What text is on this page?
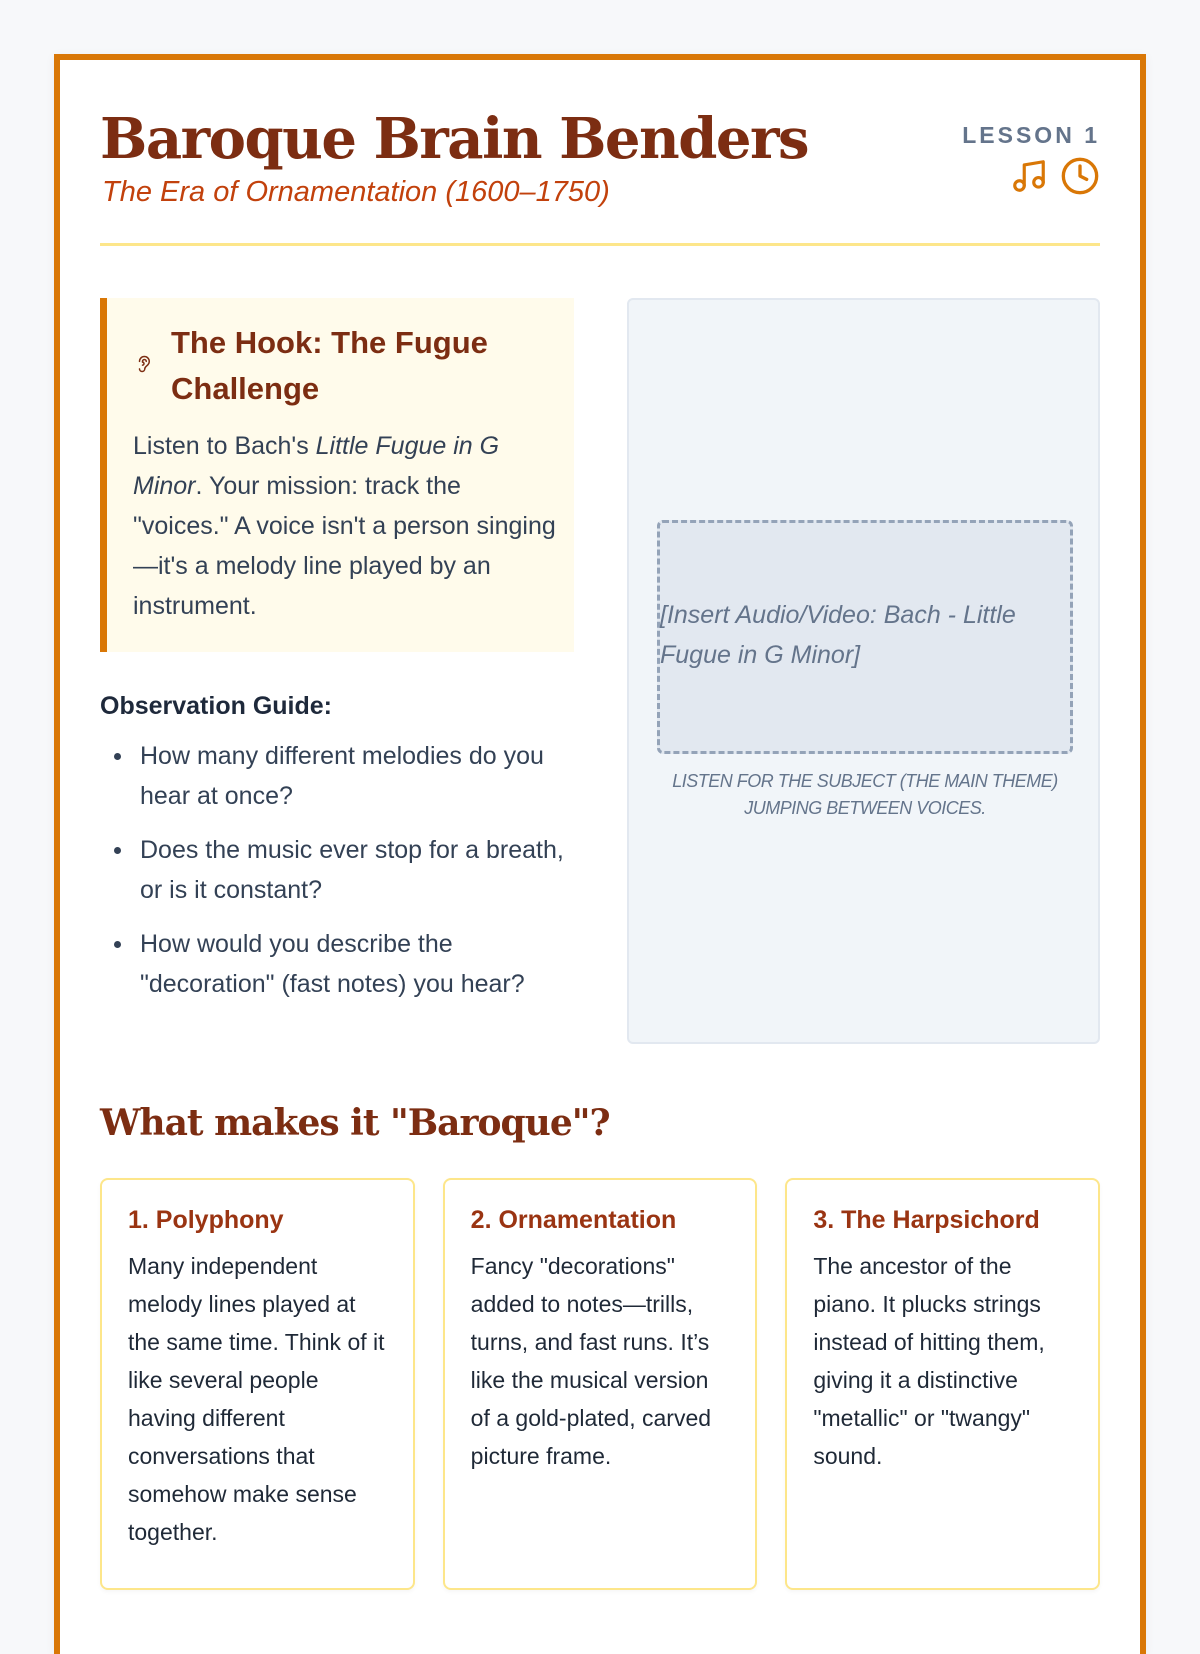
Baroque Brain Benders
The Era of Ornamentation (1600–1750)
LESSON 1
The Hook: The Fugue Challenge
Listen to Bach's Little Fugue in G Minor. Your mission: track the "voices." A voice isn't a person singing—it's a melody line played by an instrument.
Observation Guide:
How many different melodies do you hear at once?
Does the music ever stop for a breath, or is it constant?
How would you describe the "decoration" (fast notes) you hear?
[Insert Audio/Video: Bach - Little Fugue in G Minor]
LISTEN FOR THE SUBJECT (THE MAIN THEME) JUMPING BETWEEN VOICES.
What makes it "Baroque"?
1. Polyphony
Many independent melody lines played at the same time. Think of it like several people having different conversations that somehow make sense together.
2. Ornamentation
Fancy "decorations" added to notes—trills, turns, and fast runs. It’s like the musical version of a gold-plated, carved picture frame.
3. The Harpsichord
The ancestor of the piano. It plucks strings instead of hitting them, giving it a distinctive "metallic" or "twangy" sound.
